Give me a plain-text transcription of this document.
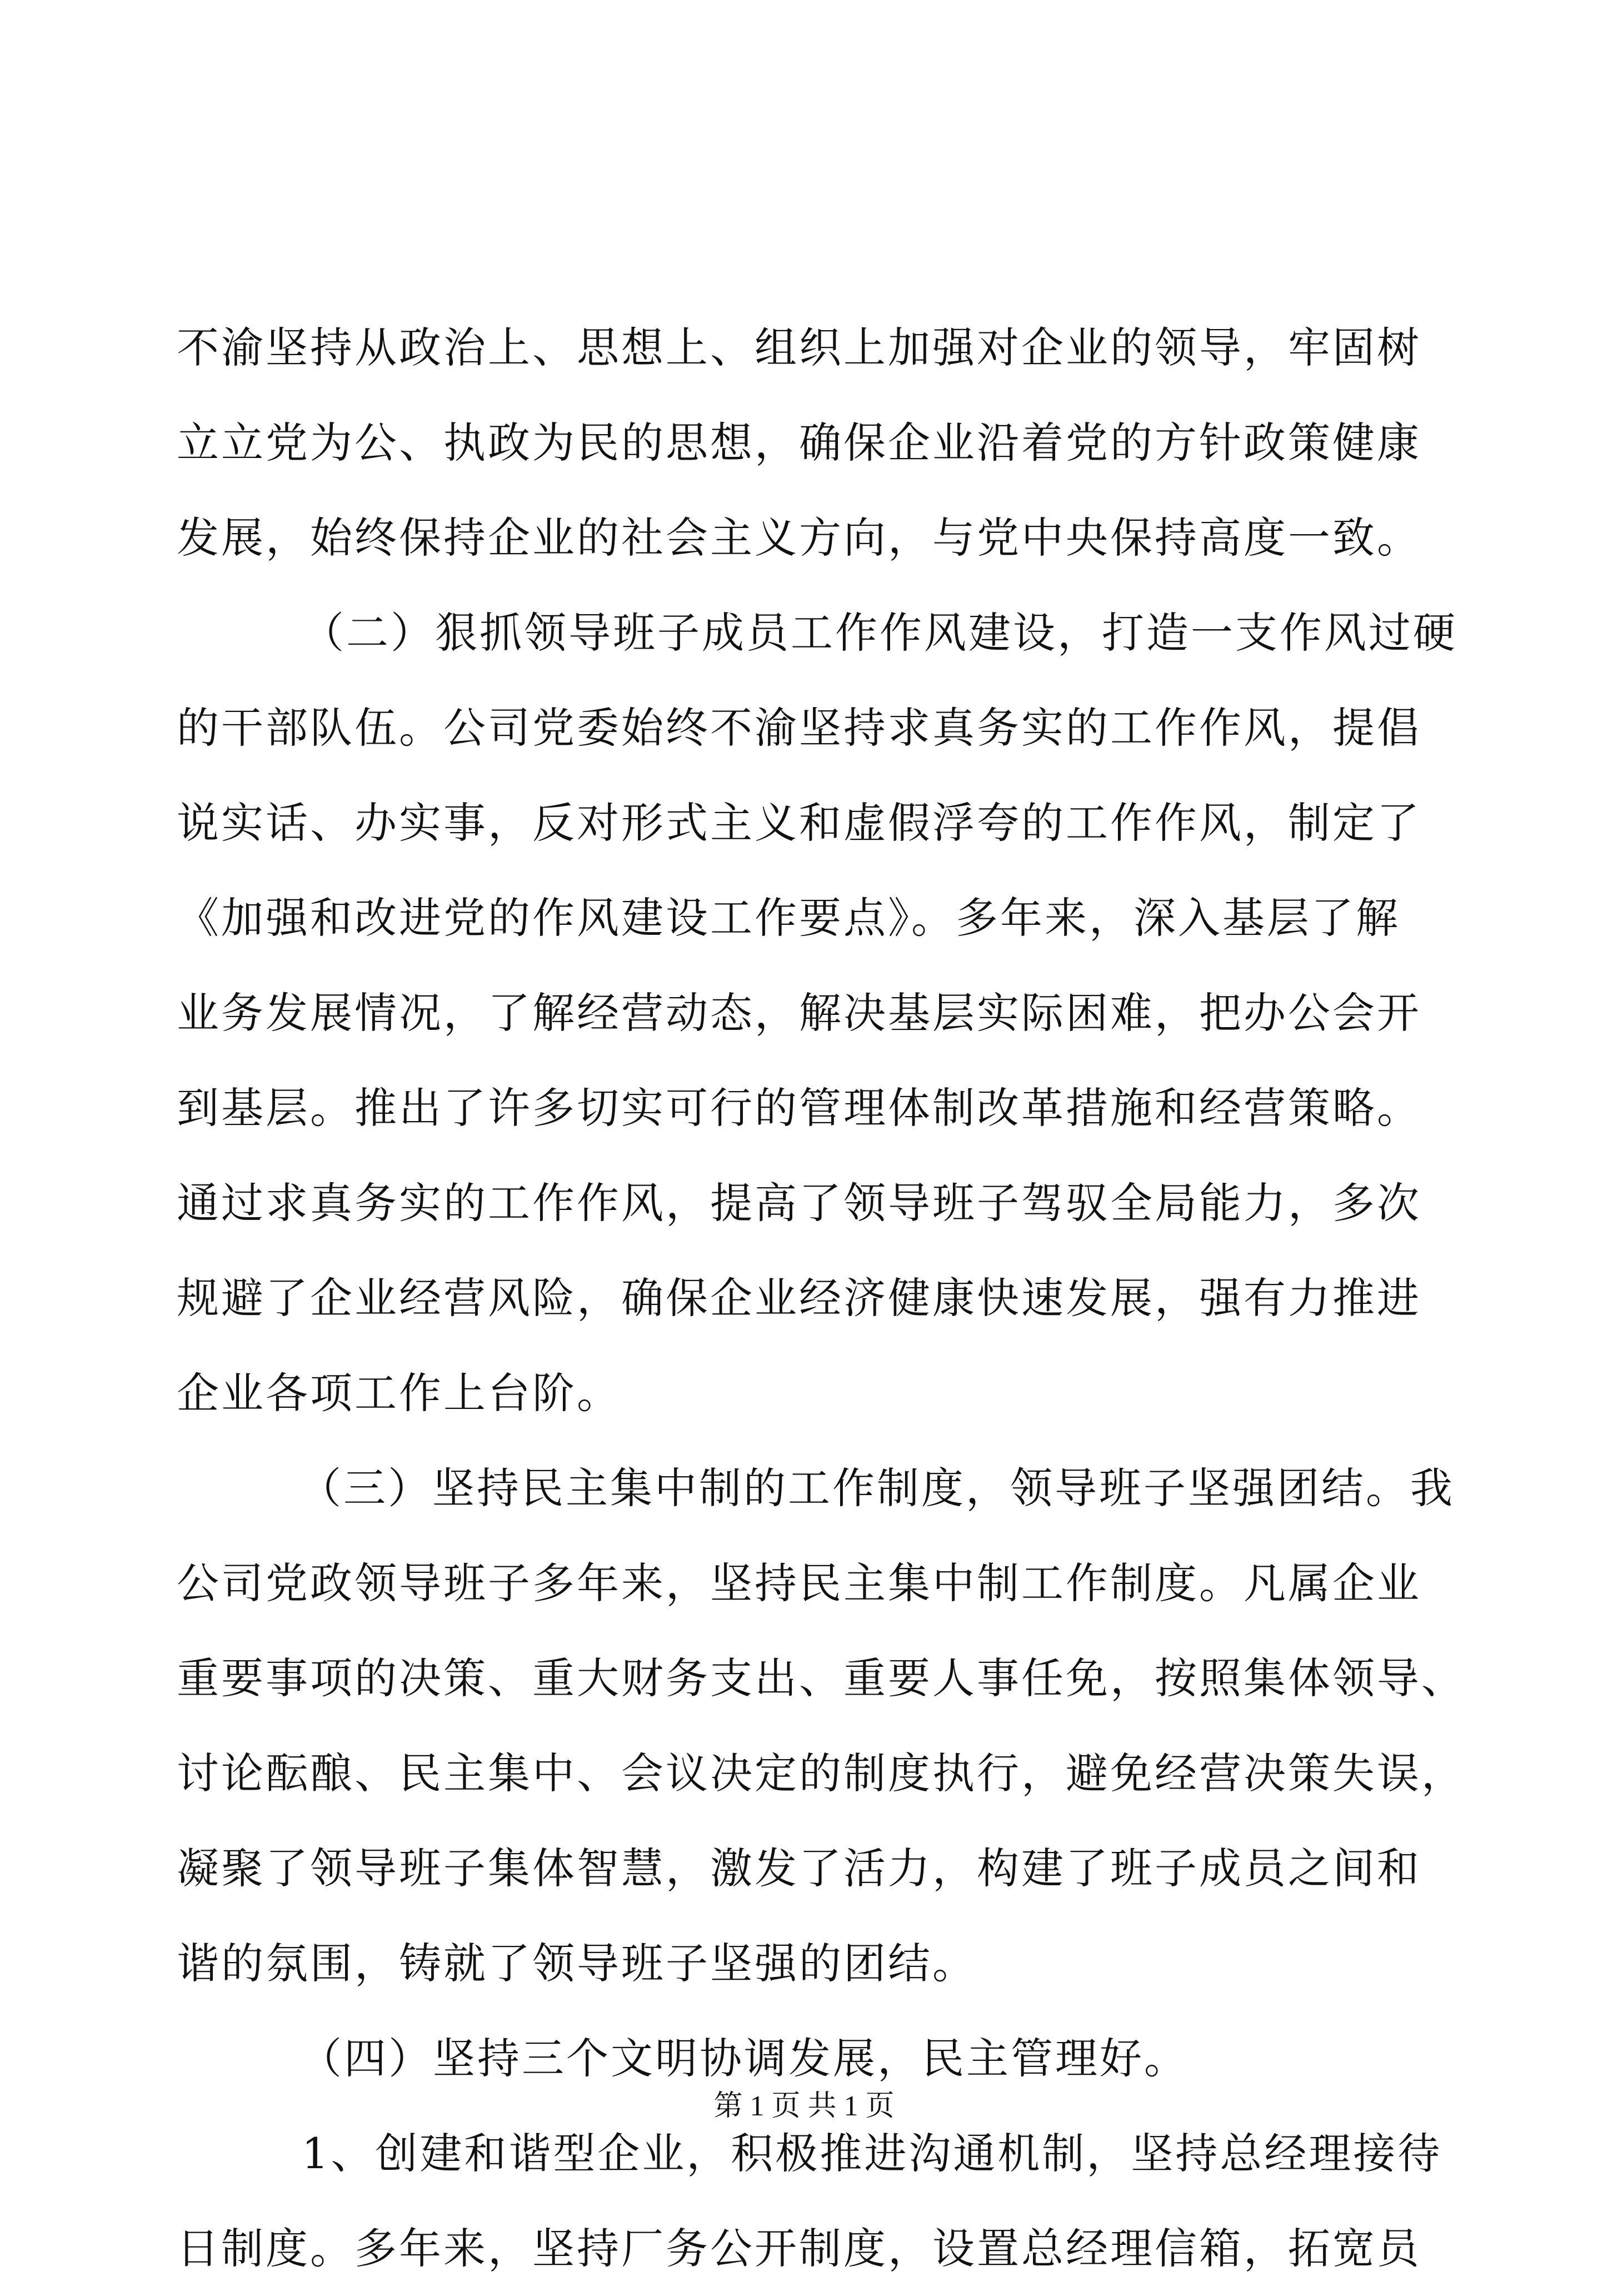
不渝坚持从政治上、思想上、组织上加强对企业的领导，牢固树
立立党为公、执政为民的思想，确保企业沿着党的方针政策健康
发展，始终保持企业的社会主义方向，与党中央保持高度一致。
（二）狠抓领导班子成员工作作风建设，打造一支作风过硬
的干部队伍。公司党委始终不渝坚持求真务实的工作作风，提倡
说实话、办实事，反对形式主义和虚假浮夸的工作作风，制定了
《加强和改进党的作风建设工作要点》。多年来，深入基层了解
业务发展情况，了解经营动态，解决基层实际困难，把办公会开
到基层。推出了许多切实可行的管理体制改革措施和经营策略。
通过求真务实的工作作风，提高了领导班子驾驭全局能力，多次
规避了企业经营风险，确保企业经济健康快速发展，强有力推进
企业各项工作上台阶。
（三）坚持民主集中制的工作制度，领导班子坚强团结。我
公司党政领导班子多年来，坚持民主集中制工作制度。凡属企业
重要事项的决策、重大财务支出、重要人事任免，按照集体领导、
讨论酝酿、民主集中、会议决定的制度执行，避免经营决策失误，
凝聚了领导班子集体智慧，激发了活力，构建了班子成员之间和
谐的氛围，铸就了领导班子坚强的团结。
（四）坚持三个文明协调发展，民主管理好。
1、创建和谐型企业，积极推进沟通机制，坚持总经理接待
日制度。多年来，坚持厂务公开制度，设置总经理信箱，拓宽员
第 1 页 共 1 页
